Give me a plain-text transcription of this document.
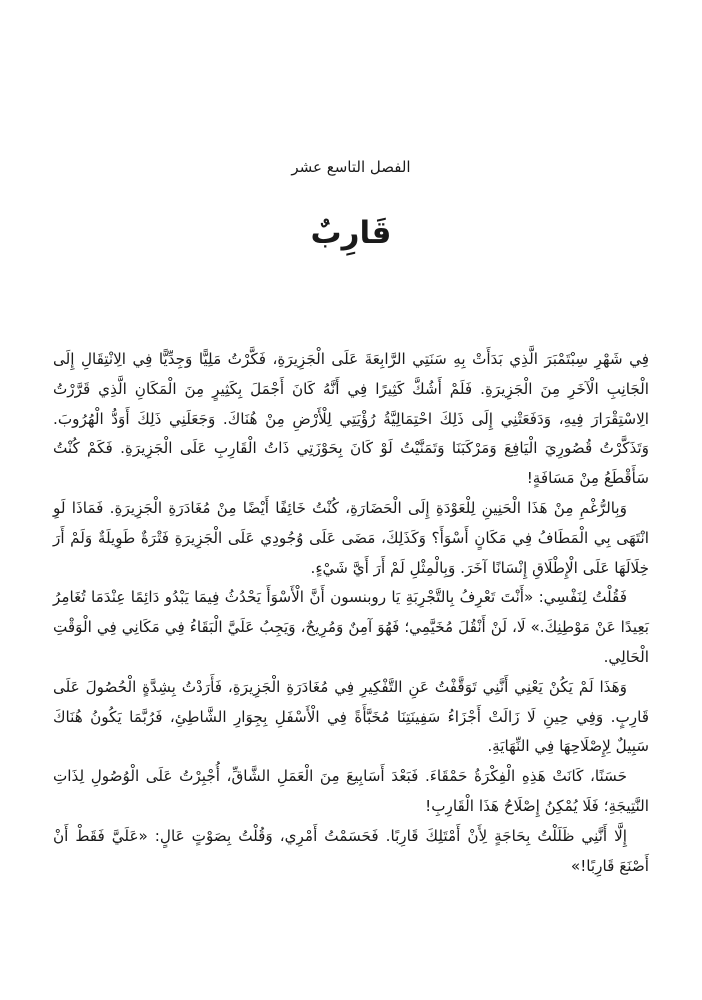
الفصل التاسع عشر
قَارِبٌ

فِي شَهْرِ سِبْتَمْبَرَ الَّذِي بَدَأَتْ بِهِ سَنَتِي الرَّابِعَةَ عَلَى الْجَزِيرَةِ، فَكَّرْتُ مَلِيًّا وَجِدِّيًّا فِي الِانْتِقَالِ إِلَى الْجَانِبِ الْآخَرِ مِنَ الْجَزِيرَةِ. فَلَمْ أَشُكَّ كَثِيرًا فِي أَنَّهُ كَانَ أَجْمَلَ بِكَثِيرٍ مِنَ الْمَكَانِ الَّذِي قَرَّرْتُ الِاسْتِقْرَارَ فِيهِ، وَدَفَعَتْنِي إِلَى ذَلِكَ احْتِمَالِيَّةُ رُؤْيَتِي لِلْأَرْضِ مِنْ هُنَاكَ. وَجَعَلَنِي ذَلِكَ أَوَدُّ الْهُرُوبَ. وَتَذَكَّرْتُ قُصُورِيَ الْيَافِعَ وَمَرْكَبَنَا وَتَمَنَّيْتُ لَوْ كَانَ بِحَوْزَتِي ذَاتُ الْقَارِبِ عَلَى الْجَزِيرَةِ. فَكَمْ كُنْتُ سَأَقْطَعُ مِنْ مَسَافَةٍ!

وَبِالرُّغْمِ مِنْ هَذَا الْحَنِينِ لِلْعَوْدَةِ إِلَى الْحَضَارَةِ، كُنْتُ خَائِفًا أَيْضًا مِنْ مُغَادَرَةِ الْجَزِيرَةِ. فَمَاذَا لَوِ انْتَهَى بِي الْمَطَافُ فِي مَكَانٍ أَسْوَأَ؟ وَكَذَلِكَ، مَضَى عَلَى وُجُودِي عَلَى الْجَزِيرَةِ فَتْرَةٌ طَوِيلَةٌ وَلَمْ أَرَ خِلَالَهَا عَلَى الْإِطْلَاقِ إِنْسَانًا آخَرَ. وَبِالْمِثْلِ لَمْ أَرَ أَيَّ شَيْءٍ.

فَقُلْتُ لِنَفْسِي: «أَنْتَ تَعْرِفُ بِالتَّجْرِبَةِ يَا روبنسون أَنَّ الْأَسْوَأَ يَحْدُثُ فِيمَا يَبْدُو دَائِمًا عِنْدَمَا تُغَامِرُ بَعِيدًا عَنْ مَوْطِنِكَ.» لَا، لَنْ أَنْقُلَ مُخَيَّمِي؛ فَهُوَ آمِنٌ وَمُرِيحٌ، وَيَجِبُ عَلَيَّ الْبَقَاءُ فِي مَكَانِي فِي الْوَقْتِ الْحَالِي.

وَهَذَا لَمْ يَكُنْ يَعْنِي أَنَّنِي تَوَقَّفْتُ عَنِ التَّفْكِيرِ فِي مُغَادَرَةِ الْجَزِيرَةِ، فَأَرَدْتُ بِشِدَّةٍ الْحُصُولَ عَلَى قَارِبٍ. وَفِي حِينِ لَا زَالَتْ أَجْزَاءُ سَفِينَتِنَا مُخَبَّأَةً فِي الْأَسْفَلِ بِجِوَارِ الشَّاطِئِ، فَرُبَّمَا يَكُونُ هُنَاكَ سَبِيلٌ لِإِصْلَاحِهَا فِي النِّهَايَةِ.

حَسَنًا، كَانَتْ هَذِهِ الْفِكْرَةُ حَمْقَاءَ. فَبَعْدَ أَسَابِيعَ مِنَ الْعَمَلِ الشَّاقِّ، أُجْبِرْتُ عَلَى الْوُصُولِ لِذَاتِ النَّتِيجَةِ؛ فَلَا يُمْكِنُ إِصْلَاحُ هَذَا الْقَارِبِ!

إِلَّا أَنَّنِي ظَلَلْتُ بِحَاجَةٍ لِأَنْ أَمْتَلِكَ قَارِبًا. فَحَسَمْتُ أَمْرِي، وَقُلْتُ بِصَوْتٍ عَالٍ: «عَلَيَّ فَقَطْ أَنْ أَصْنَعَ قَارِبًا!»
